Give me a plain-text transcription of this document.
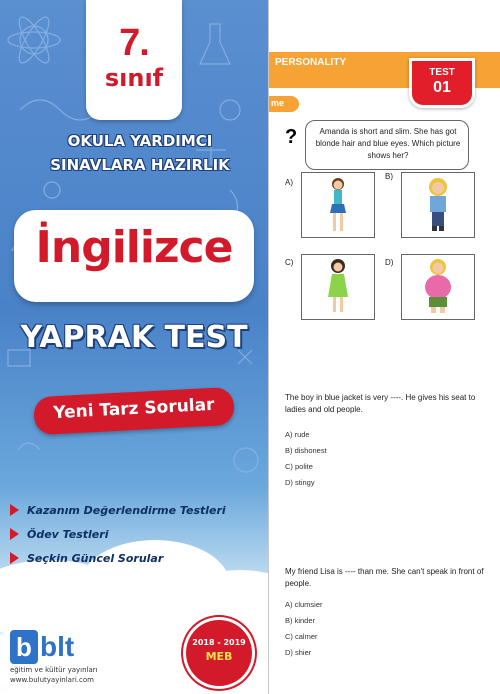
7.
sınıf
OKULA YARDIMCI
SINAVLARA HAZIRLIK
İngilizce
YAPRAK TEST
Yeni Tarz Sorular
Kazanım Değerlendirme Testleri
Ödev Testleri
Seçkin Güncel Sorular
b blt
eğitim ve kültür yayınları
www.bulutyayinlari.com
2018 - 2019
MEB
PERSONALITY
me
TEST
01
?	Amanda is short and slim. She has got blonde hair and blue eyes. Which picture shows her?
A)
B)
C)	D)
The boy in blue jacket is very ----. He gives his seat to ladies and old people.
A) rude
B) dishonest
C) polite
D) stingy
My friend Lisa is ---- than me. She can't speak in front of people.
A) clumsier
B) kinder
C) calmer
D) shier
